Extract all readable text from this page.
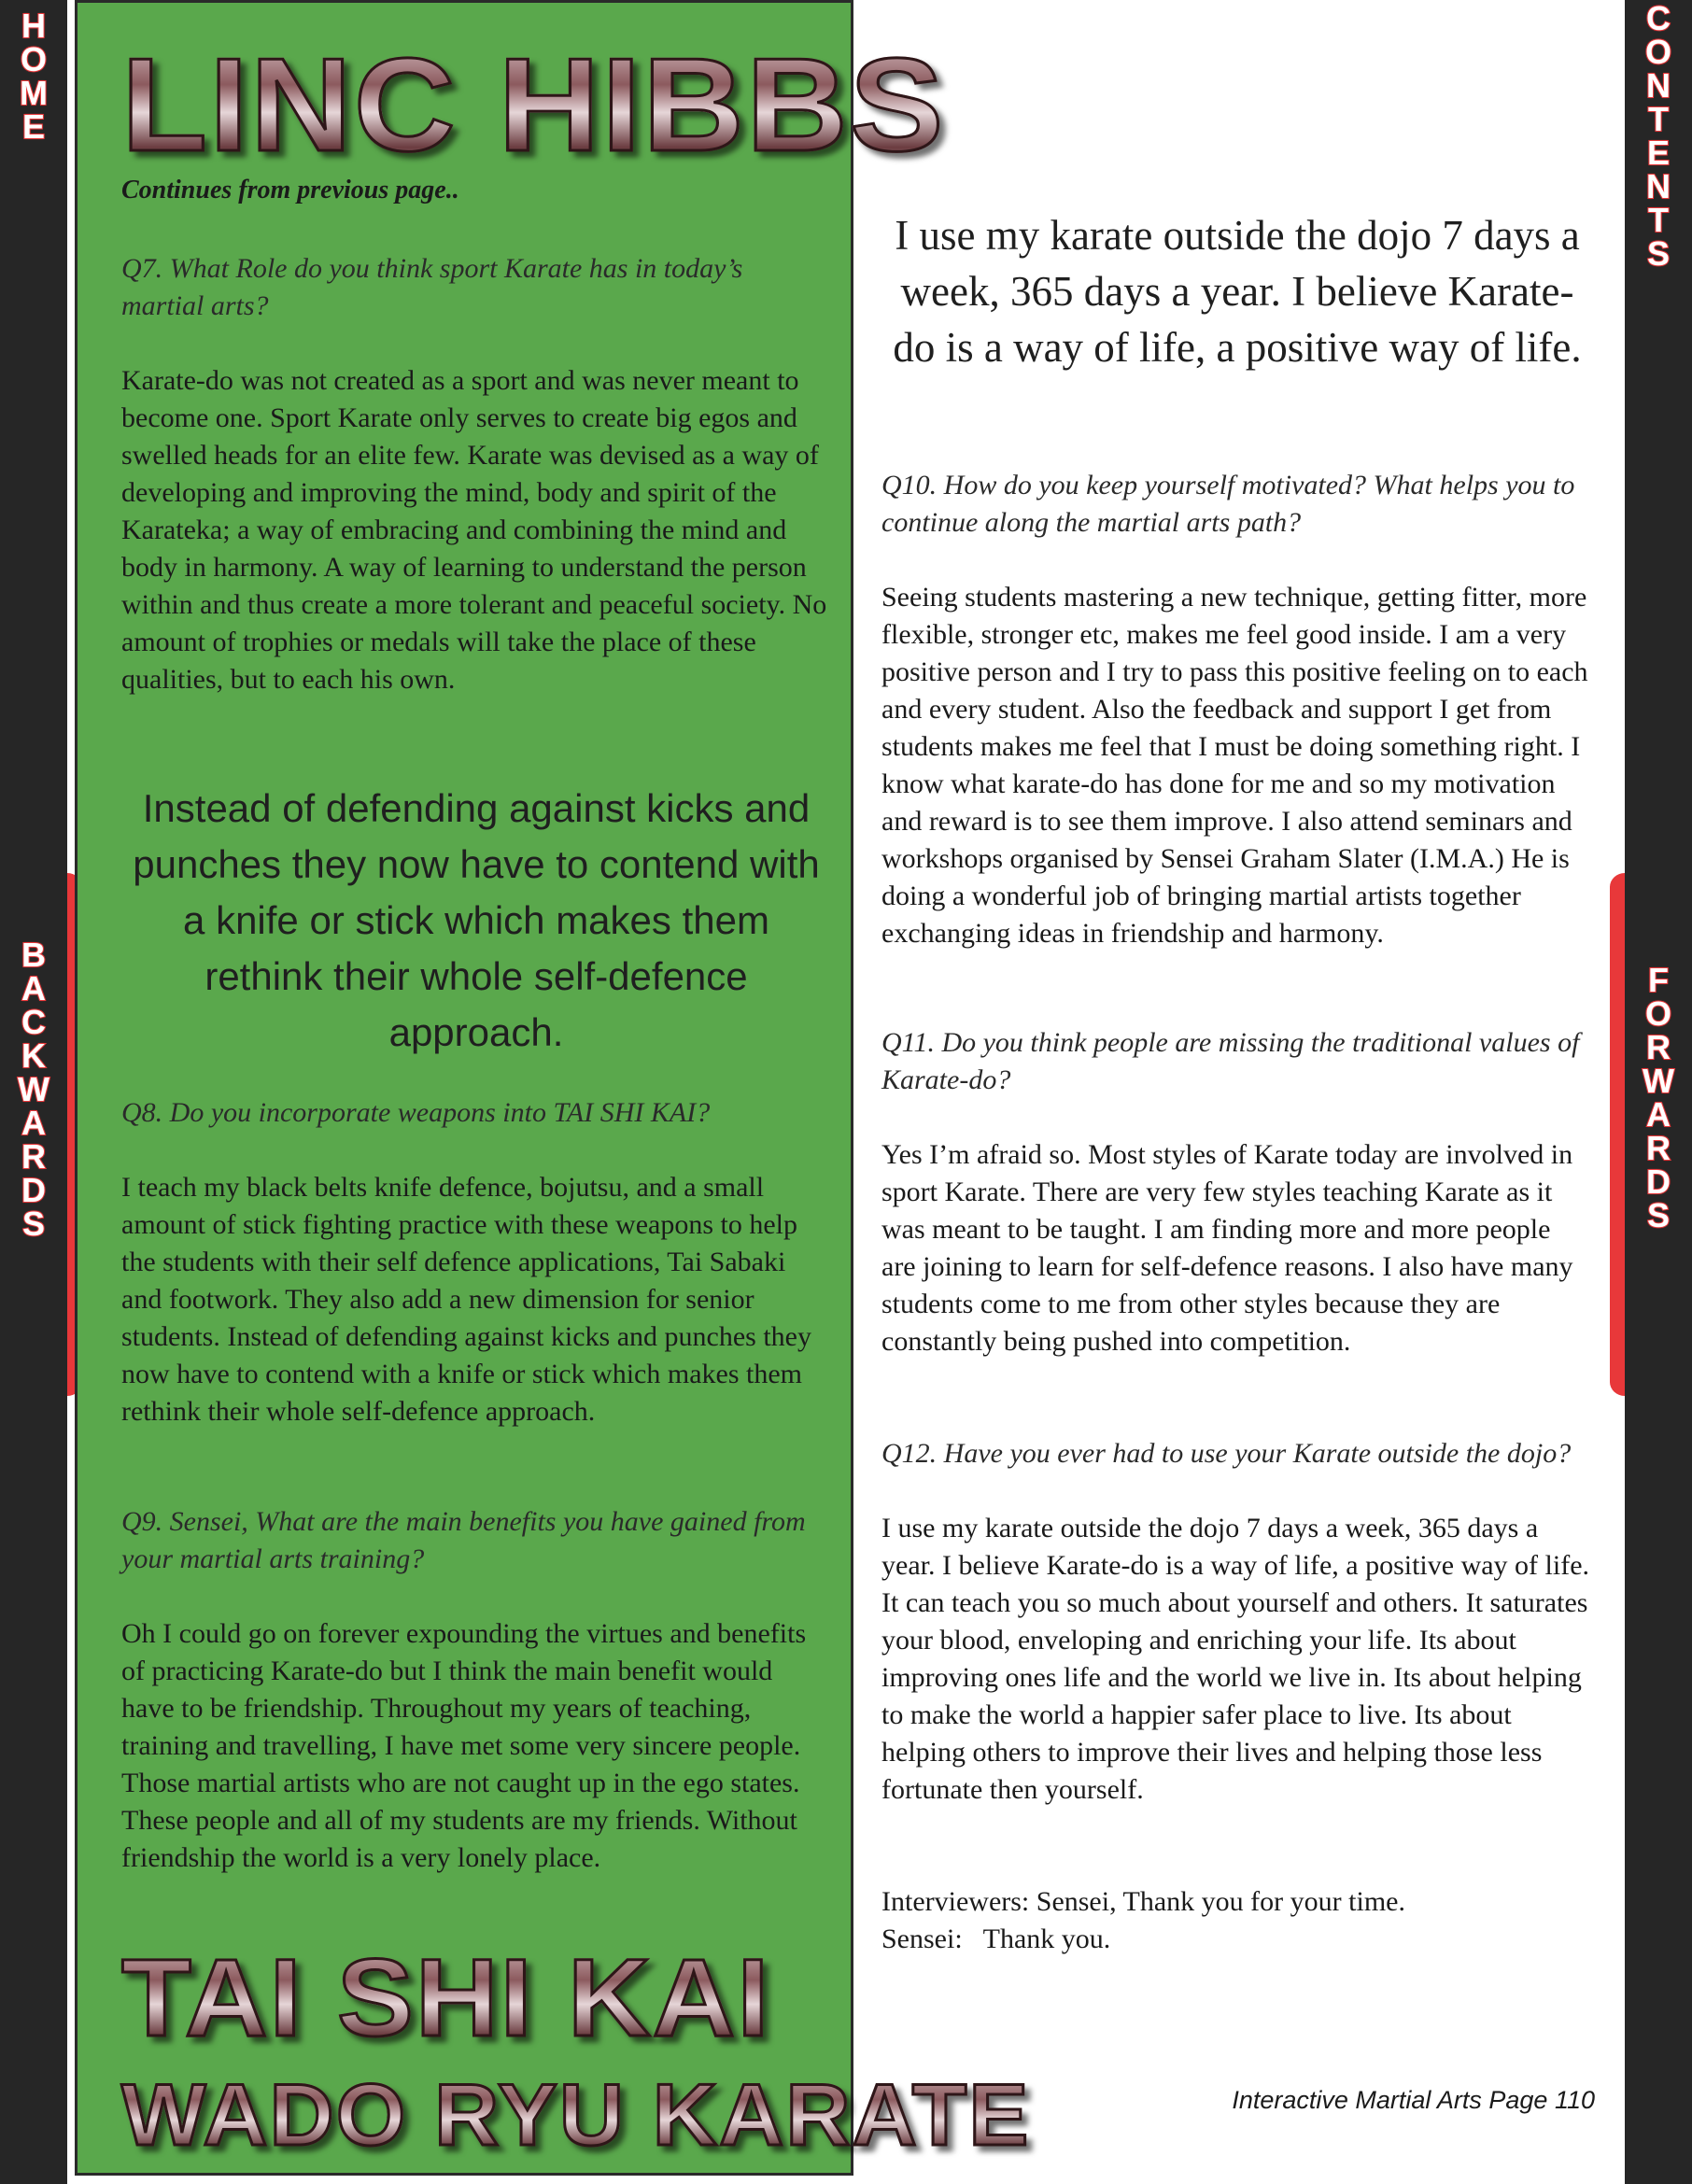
H
O
M
E
B
A
C
K
W
A
R
D
S
C
O
N
T
E
N
T
S
F
O
R
W
A
R
D
S
LINC HIBBS
Continues from previous page..

Q7. What Role do you think sport Karate has in today’s martial arts?

Karate-do was not created as a sport and was never meant to become one. Sport Karate only serves to create big egos and swelled heads for an elite few. Karate was devised as a way of developing and improving the mind, body and spirit of the Karateka; a way of embracing and combining the mind and body in harmony. A way of learning to understand the person within and thus create a more tolerant and peaceful society. No amount of trophies or medals will take the place of these qualities, but to each his own.

Instead of defending against kicks and punches they now have to contend with a knife or stick which makes them rethink their whole self-defence approach.

Q8. Do you incorporate weapons into TAI SHI KAI?

I teach my black belts knife defence, bojutsu, and a small amount of stick fighting practice with these weapons to help the students with their self defence applications, Tai Sabaki and footwork. They also add a new dimension for senior students. Instead of defending against kicks and punches they now have to contend with a knife or stick which makes them rethink their whole self-defence approach.

Q9. Sensei, What are the main benefits you have gained from your martial arts training?

Oh I could go on forever expounding the virtues and benefits of practicing Karate-do but I think the main benefit would have to be friendship. Throughout my years of teaching, training and travelling, I have met some very sincere people. Those martial artists who are not caught up in the ego states. These people and all of my students are my friends. Without friendship the world is a very lonely place.

TAI SHI KAI
WADO RYU KARATE

I use my karate outside the dojo 7 days a week, 365 days a year. I believe Karate-do is a way of life, a positive way of life.

Q10. How do you keep yourself motivated? What helps you to continue along the martial arts path?

Seeing students mastering a new technique, getting fitter, more flexible, stronger etc, makes me feel good inside. I am a very positive person and I try to pass this positive feeling on to each and every student. Also the feedback and support I get from students makes me feel that I must be doing something right. I know what karate-do has done for me and so my motivation and reward is to see them improve. I also attend seminars and workshops organised by Sensei Graham Slater (I.M.A.) He is doing a wonderful job of bringing martial artists together exchanging ideas in friendship and harmony.

Q11. Do you think people are missing the traditional values of Karate-do?

Yes I’m afraid so. Most styles of Karate today are involved in sport Karate. There are very few styles teaching Karate as it was meant to be taught. I am finding more and more people are joining to learn for self-defence reasons. I also have many students come to me from other styles because they are constantly being pushed into competition.

Q12. Have you ever had to use your Karate outside the dojo?

I use my karate outside the dojo 7 days a week, 365 days a year. I believe Karate-do is a way of life, a positive way of life. It can teach you so much about yourself and others. It saturates your blood, enveloping and enriching your life. Its about improving ones life and the world we live in. Its about helping to make the world a happier safer place to live. Its about helping others to improve their lives and helping those less fortunate then yourself.

Interviewers: Sensei, Thank you for your time.

Sensei:   Thank you.

Interactive Martial Arts Page 110
